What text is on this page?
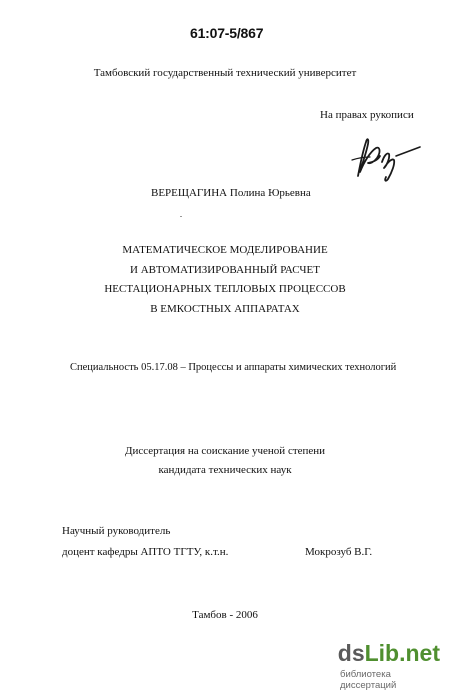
61:07-5/867
Тамбовский государственный технический университет
На правах рукописи
ВЕРЕЩАГИНА Полина Юрьевна
МАТЕМАТИЧЕСКОЕ МОДЕЛИРОВАНИЕ
И АВТОМАТИЗИРОВАННЫЙ РАСЧЕТ
НЕСТАЦИОНАРНЫХ ТЕПЛОВЫХ ПРОЦЕССОВ
В ЕМКОСТНЫХ АППАРАТАХ
Специальность 05.17.08 – Процессы и аппараты химических технологий
Диссертация на соискание ученой степени
кандидата технических наук
Научный руководитель
доцент кафедры АПТО ТГТУ, к.т.н.	Мокрозуб В.Г.
Тамбов - 2006
dsLib.net
библиотека диссертаций
